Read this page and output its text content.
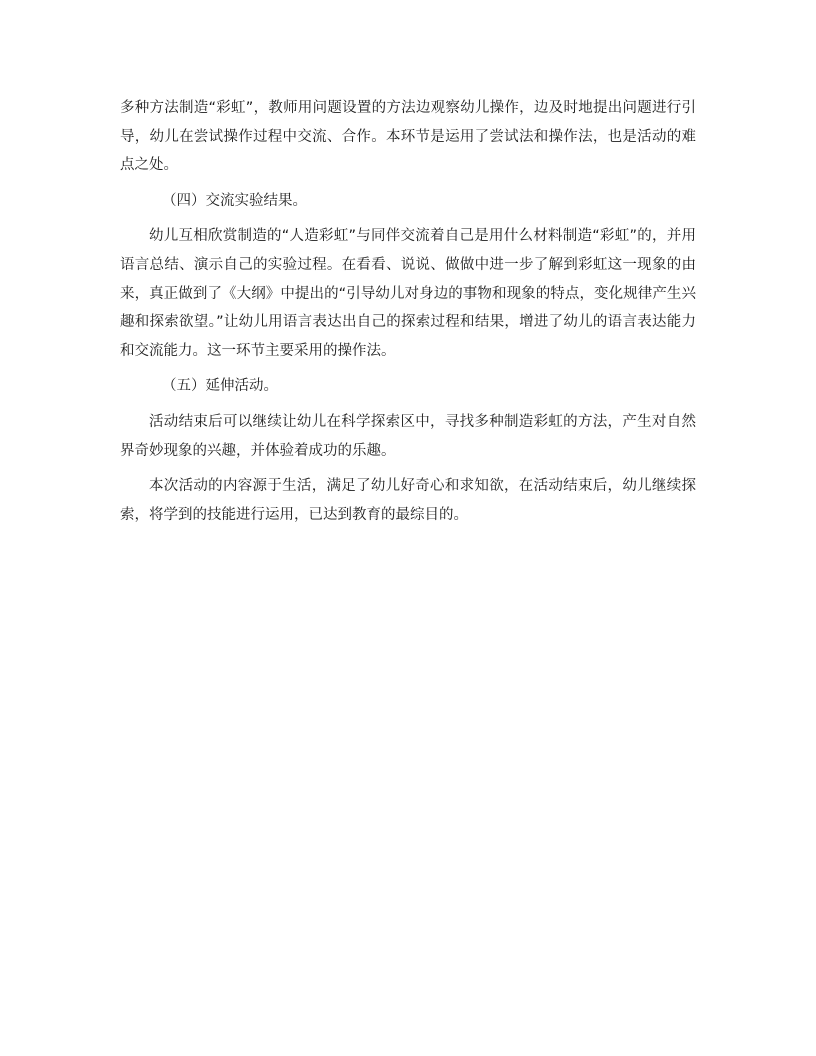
多种方法制造“彩虹”，教师用问题设置的方法边观察幼儿操作，边及时地提出问题进行引导，幼儿在尝试操作过程中交流、合作。本环节是运用了尝试法和操作法，也是活动的难点之处。

（四）交流实验结果。

幼儿互相欣赏制造的“人造彩虹”与同伴交流着自己是用什么材料制造“彩虹”的，并用语言总结、演示自己的实验过程。在看看、说说、做做中进一步了解到彩虹这一现象的由来，真正做到了《大纲》中提出的“引导幼儿对身边的事物和现象的特点，变化规律产生兴趣和探索欲望。”让幼儿用语言表达出自己的探索过程和结果，增进了幼儿的语言表达能力和交流能力。这一环节主要采用的操作法。

（五）延伸活动。

活动结束后可以继续让幼儿在科学探索区中，寻找多种制造彩虹的方法，产生对自然界奇妙现象的兴趣，并体验着成功的乐趣。

本次活动的内容源于生活，满足了幼儿好奇心和求知欲，在活动结束后，幼儿继续探索，将学到的技能进行运用，已达到教育的最综目的。
